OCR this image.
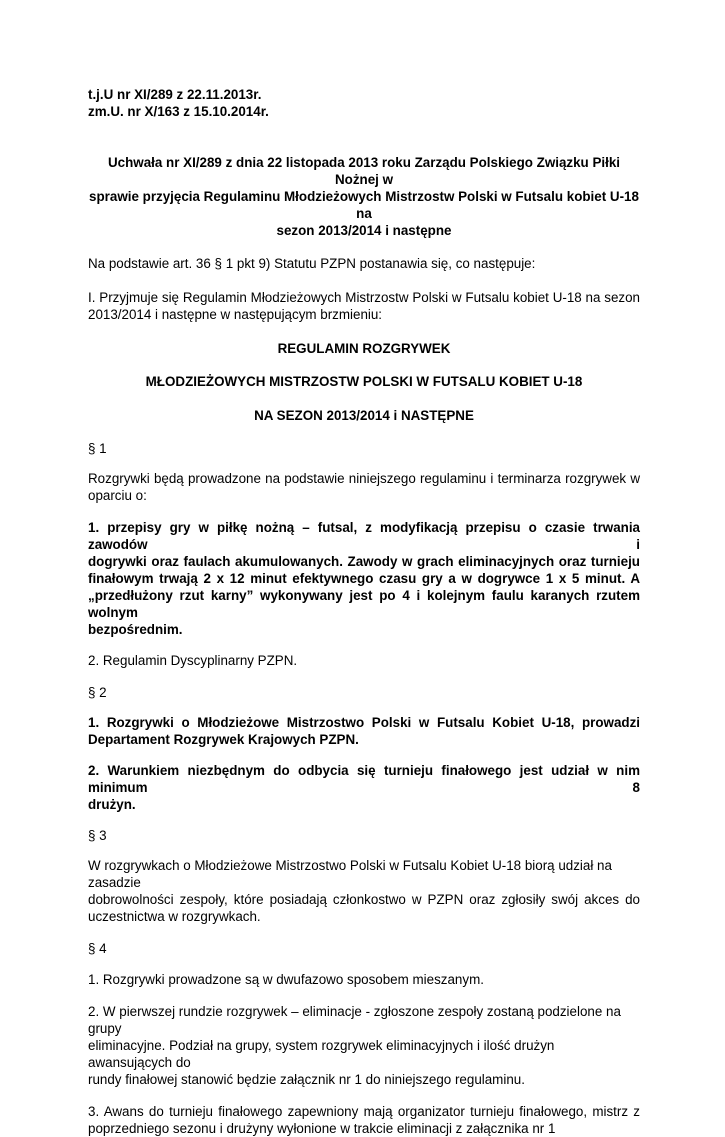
t.j.U nr XI/289 z 22.11.2013r.

zm.U. nr X/163 z 15.10.2014r.

Uchwała nr XI/289 z dnia 22 listopada 2013 roku Zarządu Polskiego Związku Piłki Nożnej w

sprawie przyjęcia Regulaminu Młodzieżowych Mistrzostw Polski w Futsalu kobiet U-18 na

sezon 2013/2014 i następne

Na podstawie art. 36 § 1 pkt 9) Statutu PZPN postanawia się, co następuje:

I. Przyjmuje się Regulamin Młodzieżowych Mistrzostw Polski w Futsalu kobiet U-18 na sezon

2013/2014 i następne w następującym brzmieniu:

REGULAMIN ROZGRYWEK

MŁODZIEŻOWYCH MISTRZOSTW POLSKI W FUTSALU KOBIET U-18

NA SEZON 2013/2014 i NASTĘPNE

§ 1

Rozgrywki będą prowadzone na podstawie niniejszego regulaminu i terminarza rozgrywek w

oparciu o:

1. przepisy gry w piłkę nożną – futsal, z modyfikacją przepisu o czasie trwania zawodów i

dogrywki oraz faulach akumulowanych. Zawody w grach eliminacyjnych oraz turnieju

finałowym trwają 2 x 12 minut efektywnego czasu gry a w dogrywce 1 x 5 minut. A

„przedłużony rzut karny” wykonywany jest po 4 i kolejnym faulu karanych rzutem wolnym

bezpośrednim.

2. Regulamin Dyscyplinarny PZPN.

§ 2

1. Rozgrywki o Młodzieżowe Mistrzostwo Polski w Futsalu Kobiet U-18, prowadzi

Departament Rozgrywek Krajowych PZPN.

2. Warunkiem niezbędnym do odbycia się turnieju finałowego jest udział w nim minimum 8

drużyn.

§ 3

W rozgrywkach o Młodzieżowe Mistrzostwo Polski w Futsalu Kobiet U-18 biorą udział na zasadzie

dobrowolności zespoły, które posiadają członkostwo w PZPN oraz zgłosiły swój akces do

uczestnictwa w rozgrywkach.

§ 4

1. Rozgrywki prowadzone są w dwufazowo sposobem mieszanym.

2. W pierwszej rundzie rozgrywek – eliminacje - zgłoszone zespoły zostaną podzielone na grupy

eliminacyjne. Podział na grupy, system rozgrywek eliminacyjnych i ilość drużyn awansujących do

rundy finałowej stanowić będzie załącznik nr 1 do niniejszego regulaminu.

3. Awans do turnieju finałowego zapewniony mają organizator turnieju finałowego, mistrz z

poprzedniego sezonu i drużyny wyłonione w trakcie eliminacji z załącznika nr 1
